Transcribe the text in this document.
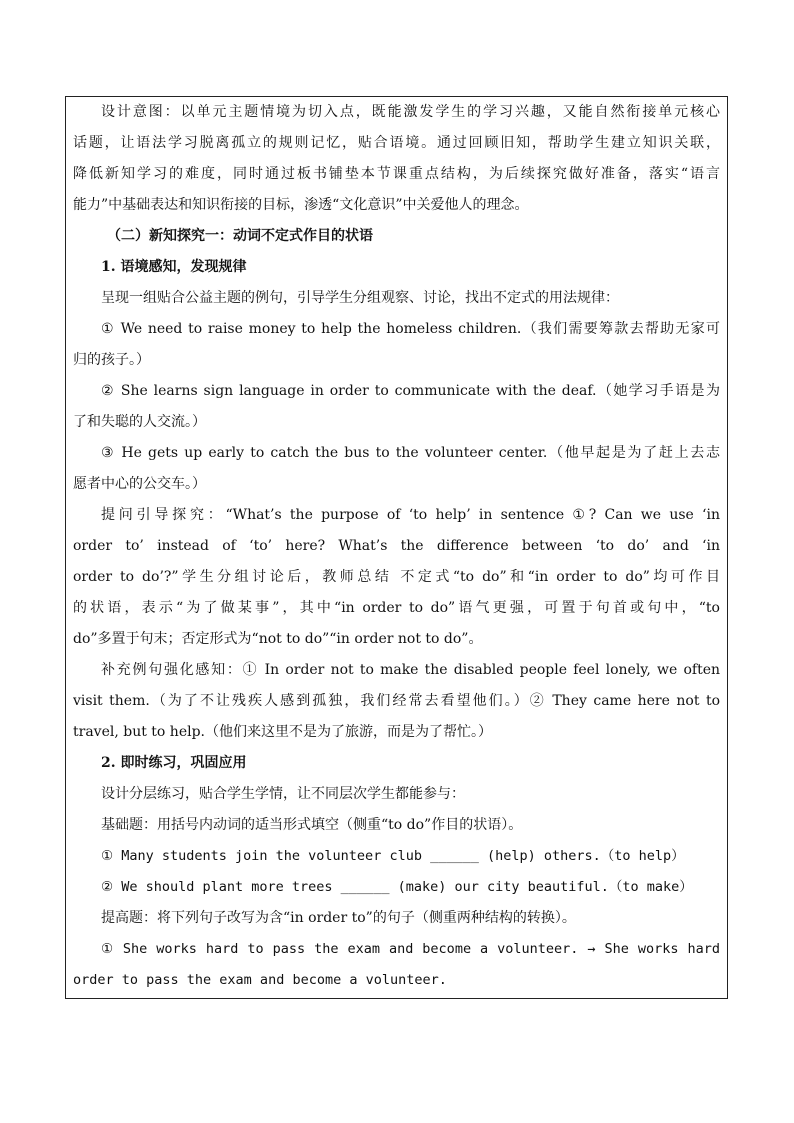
设计意图：以单元主题情境为切入点，既能激发学生的学习兴趣，又能自然衔接单元核心
话题，让语法学习脱离孤立的规则记忆，贴合语境。通过回顾旧知，帮助学生建立知识关联，
降低新知学习的难度，同时通过板书铺垫本节课重点结构，为后续探究做好准备，落实“语言
能力”中基础表达和知识衔接的目标，渗透“文化意识”中关爱他人的理念。
（二）新知探究一：动词不定式作目的状语
1. 语境感知，发现规律
呈现一组贴合公益主题的例句，引导学生分组观察、讨论，找出不定式的用法规律：
① We need to raise money to help the homeless children.（我们需要筹款去帮助无家可
归的孩子。）
② She learns sign language in order to communicate with the deaf.（她学习手语是为
了和失聪的人交流。）
③ He gets up early to catch the bus to the volunteer center.（他早起是为了赶上去志
愿者中心的公交车。）
提问引导探究：“What’s the purpose of ‘to help’ in sentence ①? Can we use ‘in
order to’ instead of ‘to’ here? What’s the difference between ‘to do’ and ‘in
order to do’?”学生分组讨论后，教师总结 不定式“to do”和“in order to do”均可作目
的状语，表示“为了做某事”，其中“in order to do”语气更强，可置于句首或句中，“to
do”多置于句末；否定形式为“not to do”“in order not to do”。
补充例句强化感知：① In order not to make the disabled people feel lonely, we often
visit them.（为了不让残疾人感到孤独，我们经常去看望他们。）② They came here not to
travel, but to help.（他们来这里不是为了旅游，而是为了帮忙。）
2. 即时练习，巩固应用
设计分层练习，贴合学生学情，让不同层次学生都能参与：
基础题：用括号内动词的适当形式填空（侧重“to do”作目的状语）。
① Many students join the volunteer club ______ (help) others.（to help）
② We should plant more trees ______ (make) our city beautiful.（to make）
提高题：将下列句子改写为含“in order to”的句子（侧重两种结构的转换）。
① She works hard to pass the exam and become a volunteer. → She works hard
order to pass the exam and become a volunteer.
